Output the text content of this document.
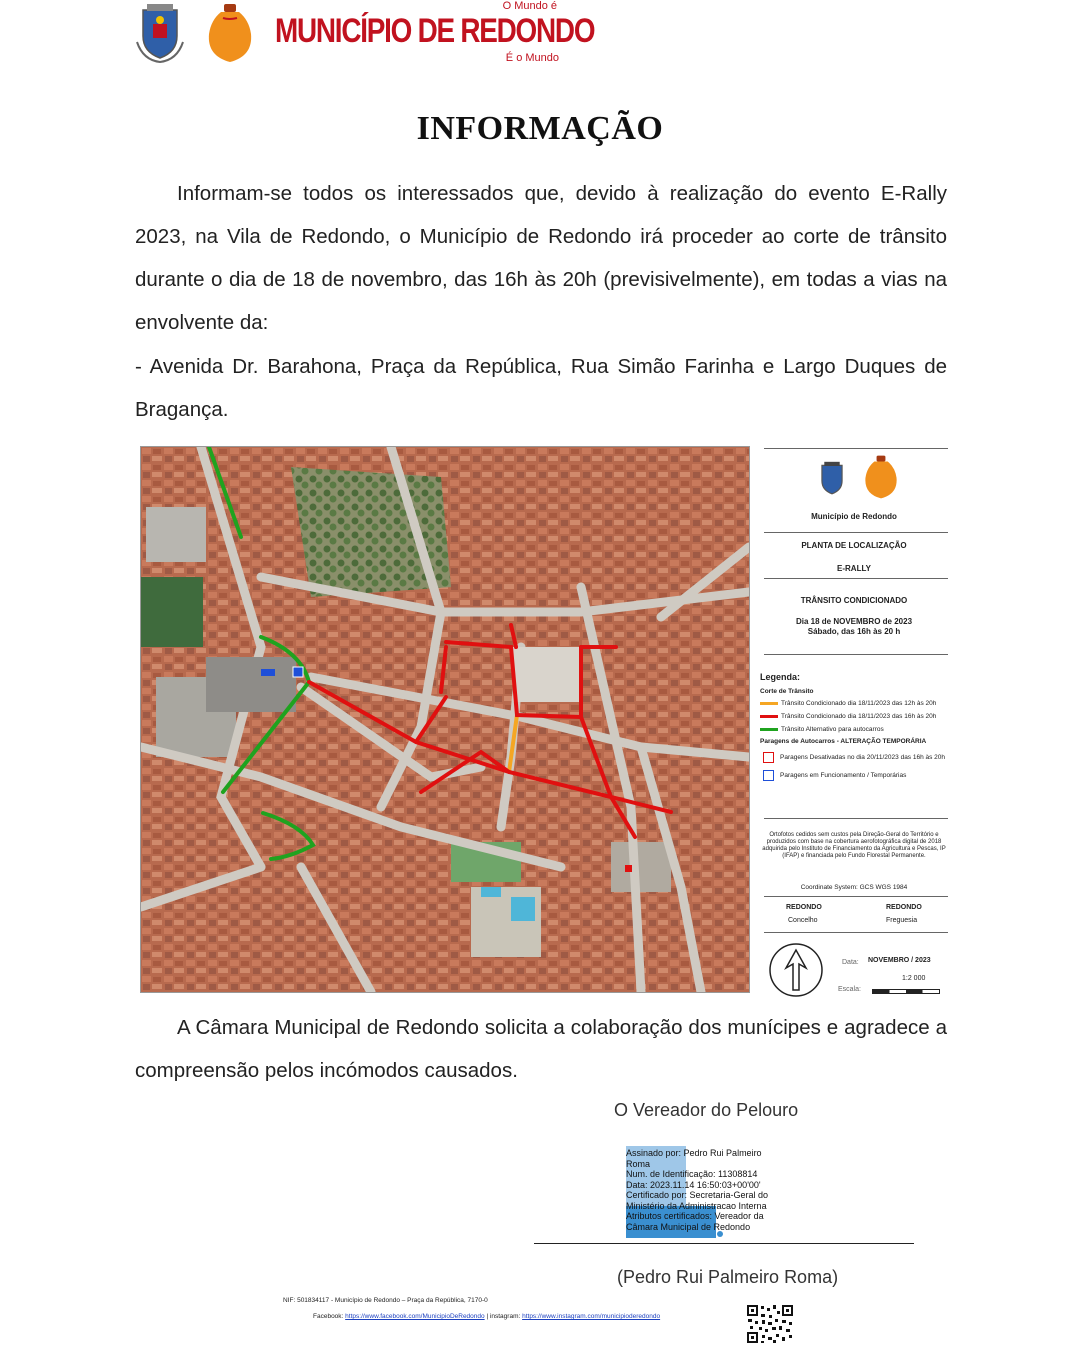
O Mundo é
MUNICÍPIO DE REDONDO
É o Mundo
INFORMAÇÃO
Informam-se todos os interessados que, devido à realização do evento E-Rally 2023, na Vila de Redondo, o Município de Redondo irá proceder ao corte de trânsito durante o dia de 18 de novembro, das 16h às 20h (previsivelmente), em todas a vias na envolvente da:
- Avenida Dr. Barahona, Praça da República, Rua Simão Farinha e Largo Duques de Bragança.
Município de Redondo
PLANTA DE LOCALIZAÇÃO
E-RALLY
TRÂNSITO CONDICIONADO
Dia 18 de NOVEMBRO de 2023
Sábado, das 16h às 20 h
Legenda:
Corte de Trânsito
Trânsito Condicionado dia 18/11/2023 das 12h às 20h
Trânsito Condicionado dia 18/11/2023 das 16h às 20h
Trânsito Alternativo para autocarros
Paragens de Autocarros - ALTERAÇÃO TEMPORÁRIA
Paragens Desativadas no dia 20/11/2023 das 16h às 20h
Paragens em Funcionamento / Temporárias
Ortofotos cedidos sem custos pela Direção-Geral do Território e produzidos com base na cobertura aerofotográfica digital de 2018 adquirida pelo Instituto de Financiamento da Agricultura e Pescas, IP (IFAP) e financiada pelo Fundo Florestal Permanente.
Coordinate System: GCS WGS 1984
REDONDO
Concelho
REDONDO
Freguesia
Data: NOVEMBRO / 2023
1:2 000
Escala:
A Câmara Municipal de Redondo solicita a colaboração dos munícipes e agradece a compreensão pelos incómodos causados.
O Vereador do Pelouro
Assinado por: Pedro Rui Palmeiro
Roma
Num. de Identificação: 11308814
Data: 2023.11.14 16:50:03+00'00'
Certificado por: Secretaria-Geral do
Ministério da Administracao Interna
Atributos certificados: Vereador da
Câmara Municipal de Redondo
(Pedro Rui Palmeiro Roma)
NIF: 501834117 - Município de Redondo – Praça da República, 7170-0
Facebook: https://www.facebook.com/MunicipioDeRedondo | instagram: https://www.instagram.com/municipioderedondo
